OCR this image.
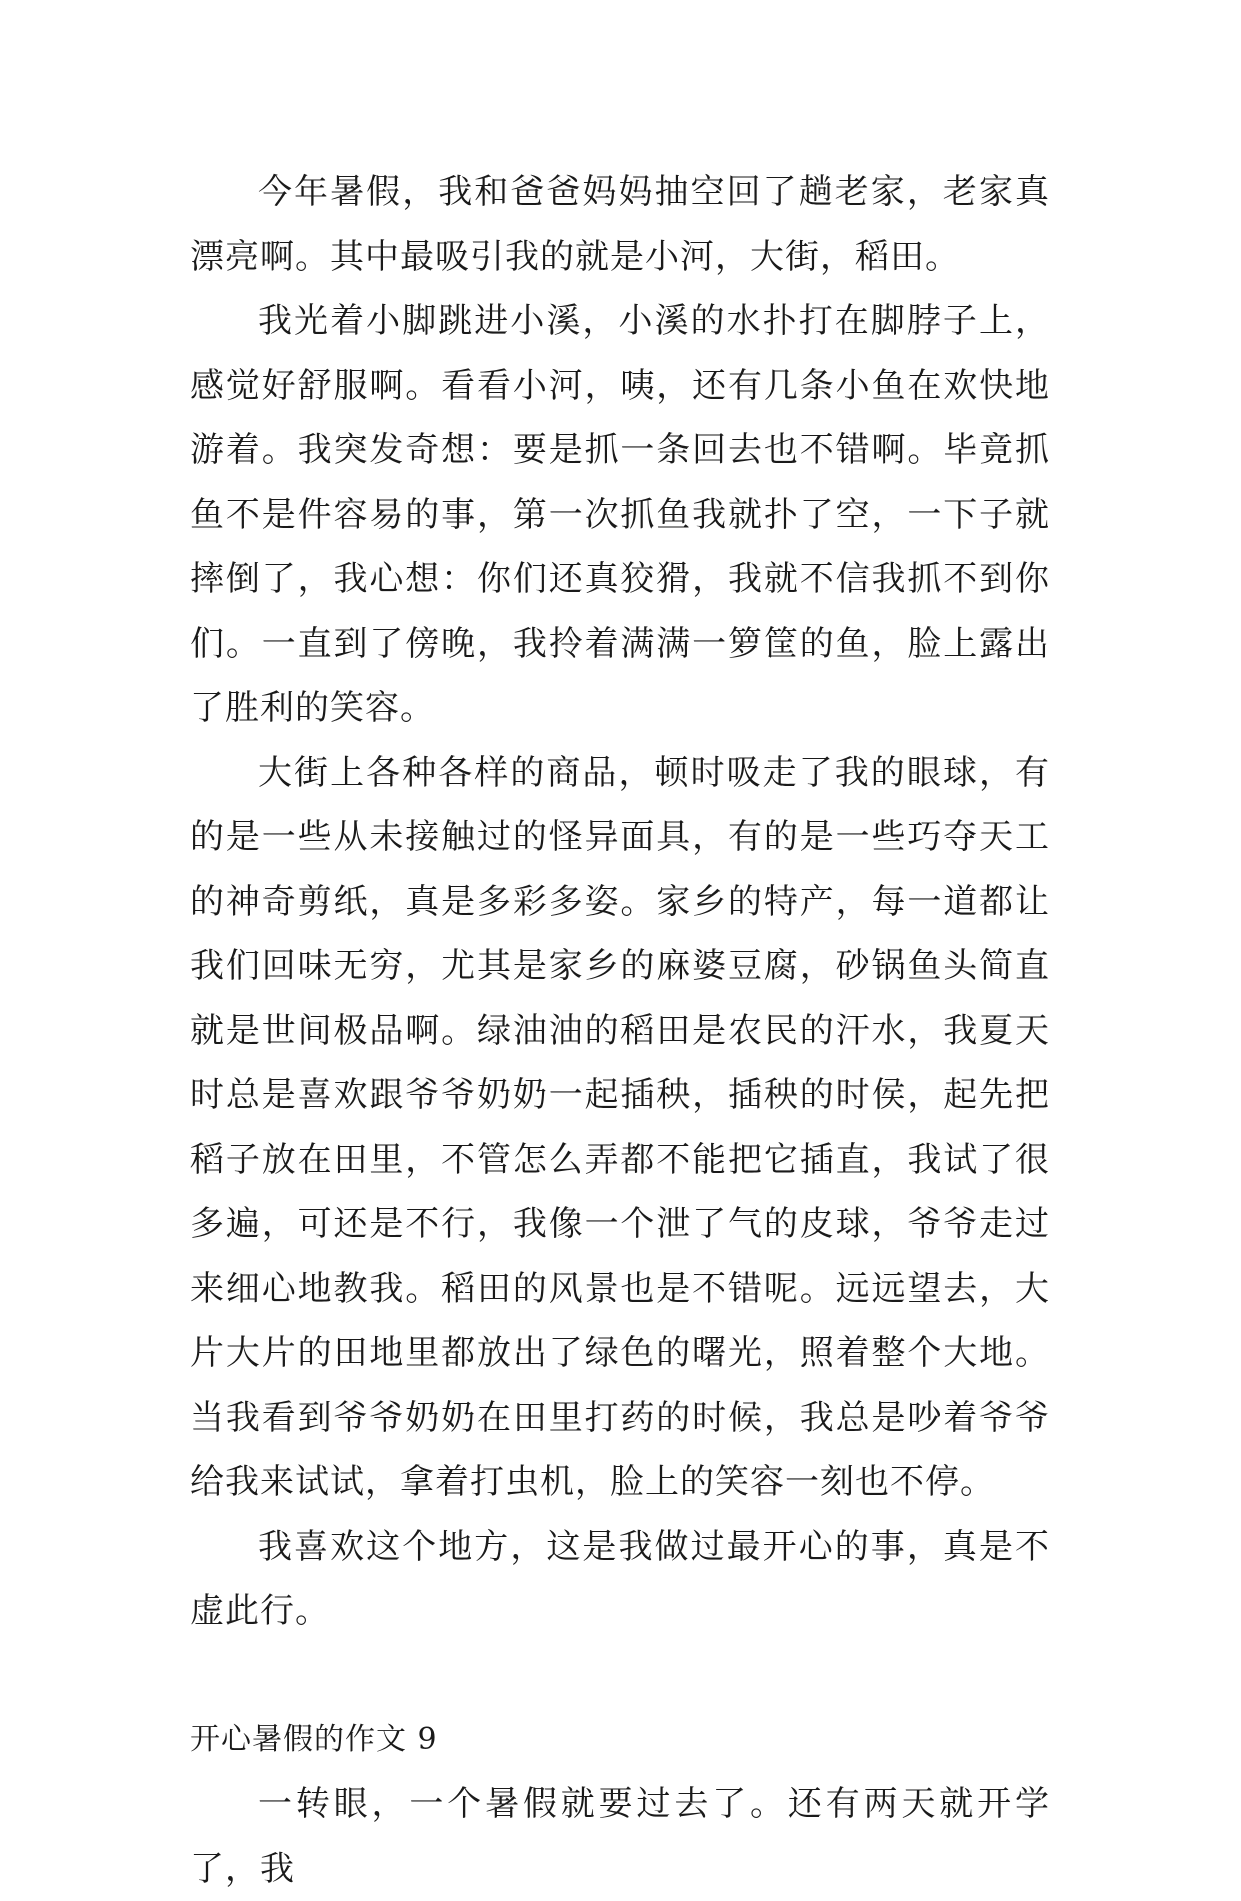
今年暑假，我和爸爸妈妈抽空回了趟老家，老家真漂亮啊。其中最吸引我的就是小河，大街，稻田。

我光着小脚跳进小溪，小溪的水扑打在脚脖子上，感觉好舒服啊。看看小河，咦，还有几条小鱼在欢快地游着。我突发奇想：要是抓一条回去也不错啊。毕竟抓鱼不是件容易的事，第一次抓鱼我就扑了空，一下子就摔倒了，我心想：你们还真狡猾，我就不信我抓不到你们。一直到了傍晚，我拎着满满一箩筐的鱼，脸上露出了胜利的笑容。

大街上各种各样的商品，顿时吸走了我的眼球，有的是一些从未接触过的怪异面具，有的是一些巧夺天工的神奇剪纸，真是多彩多姿。家乡的特产，每一道都让我们回味无穷，尤其是家乡的麻婆豆腐，砂锅鱼头简直就是世间极品啊。绿油油的稻田是农民的汗水，我夏天时总是喜欢跟爷爷奶奶一起插秧，插秧的时侯，起先把稻子放在田里，不管怎么弄都不能把它插直，我试了很多遍，可还是不行，我像一个泄了气的皮球，爷爷走过来细心地教我。稻田的风景也是不错呢。远远望去，大片大片的田地里都放出了绿色的曙光，照着整个大地。当我看到爷爷奶奶在田里打药的时候，我总是吵着爷爷给我来试试，拿着打虫机，脸上的笑容一刻也不停。

我喜欢这个地方，这是我做过最开心的事，真是不虚此行。

开心暑假的作文 9

一转眼，一个暑假就要过去了。还有两天就开学了，我
